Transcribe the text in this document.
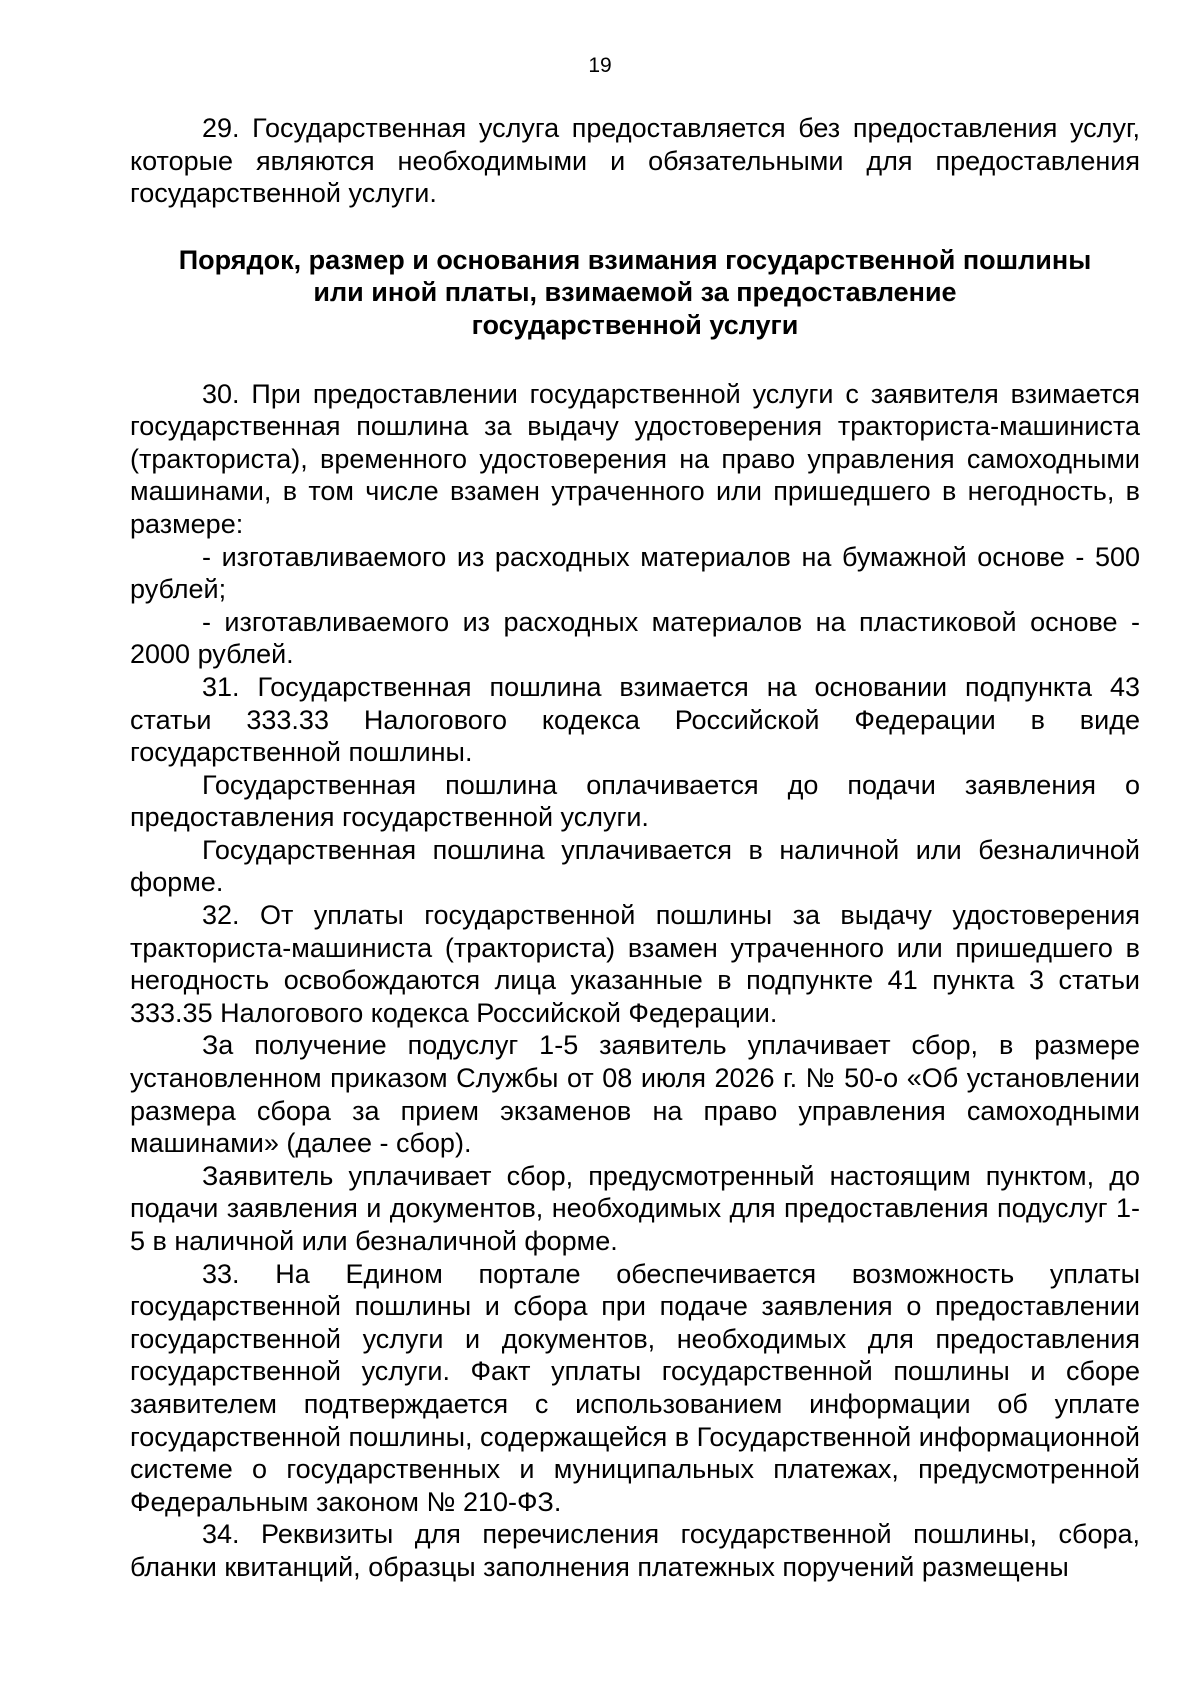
19

29. Государственная услуга предоставляется без предоставления услуг, которые являются необходимыми и обязательными для предоставления государственной услуги.

Порядок, размер и основания взимания государственной пошлины
или иной платы, взимаемой за предоставление
государственной услуги

30. При предоставлении государственной услуги с заявителя взимается государственная пошлина за выдачу удостоверения тракториста-машиниста (тракториста), временного удостоверения на право управления самоходными машинами, в том числе взамен утраченного или пришедшего в негодность, в размере:

- изготавливаемого из расходных материалов на бумажной основе - 500 рублей;

- изготавливаемого из расходных материалов на пластиковой основе - 2000 рублей.

31. Государственная пошлина взимается на основании подпункта 43 статьи 333.33 Налогового кодекса Российской Федерации в виде государственной пошлины.

Государственная пошлина оплачивается до подачи заявления о предоставления государственной услуги.

Государственная пошлина уплачивается в наличной или безналичной форме.

32. От уплаты государственной пошлины за выдачу удостоверения тракториста-машиниста (тракториста) взамен утраченного или пришедшего в негодность освобождаются лица указанные в подпункте 41 пункта 3 статьи 333.35 Налогового кодекса Российской Федерации.

За получение подуслуг 1-5 заявитель уплачивает сбор, в размере установленном приказом Службы от 08 июля 2026 г. № 50-о «Об установлении размера сбора за прием экзаменов на право управления самоходными машинами» (далее - сбор).

Заявитель уплачивает сбор, предусмотренный настоящим пунктом, до подачи заявления и документов, необходимых для предоставления подуслуг 1-5 в наличной или безналичной форме.

33. На Едином портале обеспечивается возможность уплаты государственной пошлины и сбора при подаче заявления о предоставлении государственной услуги и документов, необходимых для предоставления государственной услуги. Факт уплаты государственной пошлины и сборе заявителем подтверждается с использованием информации об уплате государственной пошлины, содержащейся в Государственной информационной системе о государственных и муниципальных платежах, предусмотренной Федеральным законом № 210-ФЗ.

34. Реквизиты для перечисления государственной пошлины, сбора, бланки квитанций, образцы заполнения платежных поручений размещены
